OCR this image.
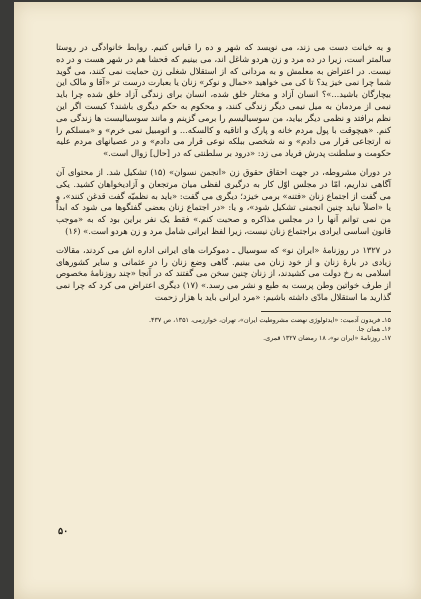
و به خیانت دست می زند، می نویسد که شهر و ده را قیاس کنیم. روابط خانوادگی در روستا سالمتر است، زیرا در ده مرد و زن هردو شاغل اند، می بینیم که فحشا هم در شهر هست و در ده نیست. در اعتراض به معلمش و به مردانی که از استقلال شغلی زن حمایت نمی کنند، می گوید شما چرا نمی خیز ید؟ تا کی می خواهید «حمال و نوکر» زنان یا بعبارت درست تر «آقا و مالک این بیچارگان باشید...»؟ انسان آزاد و مختار خلق شده، انسان برای زندگی آزاد خلق شده چرا باید نیمی از مردمان به میل نیمی دیگر زندگی کنند، و محکوم به حکم دیگری باشند؟ کیست اگر این نظم برافتد و نظمی دیگر بیاید، من سوسیالیسم را برمی گزینم و مانند سوسیالیست ها زندگی می کنم. «هیچوقت با پول مردم خانه و پارک و اتاقیه و کالسکه... و اتومبیل نمی خرم» و «مسلکم را نه ارتجاعی قرار می دادم» و نه شخصی ببلکه نوعی قرار می دادم» و در عصیانهای مردم علیه حکومت و سلطنت پدرش فریاد می زد: «درود بر سلطنتی که در [حال] زوال است.»

در دوران مشروطه، در جهت احقاق حقوق زن «انجمن نسوان» (۱۵) تشکیل شد. از محتوای آن آگاهی نداریم، امّا در مجلس اوّل کار به درگیری لفظی میان مرتجعان و آزادیخواهان کشید. یکی می گفت از اجتماع زنان «فتنه» برمی خیزد؛ دیگری می گفت: «باید به نظمیّه گفت قدغن کنند»، و یا «اصلاً نباید چنین انجمنی تشکیل شود»، و یا: «در اجتماع زنان بعضی گفتگوها می شود که ابداً من نمی توانم آنها را در مجلس مذاکره و صحبت کنم.» فقط یک نفر براین بود که به «موجب قانون اساسی ایرادی براجتماع زنان نیست، زیرا لفظ ایرانی شامل مرد و زن هردو است.» (۱۶)

در ۱۳۲۷ در روزنامهٔ «ایران نو» که سوسیال ـ دموکرات های ایرانی اداره اش می کردند، مقالات زیادی در بارهٔ زنان و از خود زنان می بینیم. گاهی وضع زنان را در عثمانی و سایر کشورهای اسلامی به رخ دولت می کشیدند، از زنان چنین سخن می گفتند که در آنجا «چند روزنامهٔ مخصوص از طرف خواتین وطن پرست به طبع و نشر می رسد.» (۱۷) دیگری اعتراض می کرد که چرا نمی گذارید ما استقلال مادّی داشته باشیم: «مرد ایرانی باید با هزار زحمت

۱۵ـ فریدون آدمیت: «ایدئولوژی نهضت مشروطیت ایران»، تهران، خوارزمی، ۱۳۵۱، ص ۴۳۷.

۱۶ـ همان جا.

۱۷ـ روزنامهٔ «ایران نو»، ۱۸ رمضان ۱۳۲۷ قمری.

۵۰
